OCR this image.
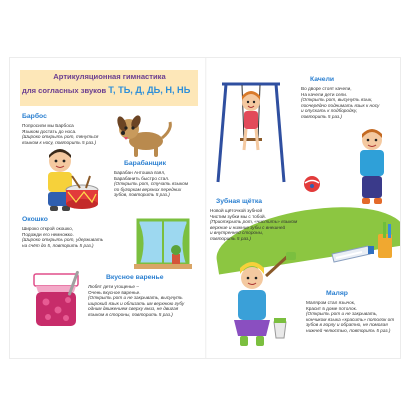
Артикуляционная гимнастика
для согласных звуков Т, ТЬ, Д, ДЬ, Н, НЬ
Барбос
Попросили мы Барбоса
Языком достать до носа.
(Широко открыть рот, тянуться
языком к носу, повторить 5 раз.)
Барабанщик
Барабан Антошка взял,
Барабанить быстро стал.
(Открыть рот, стучать языком
по бугоркам верхних передних
зубов, повторить 5 раз.)
Окошко
Широко открой окошко,
Подожди его немножко.
(Широко открыть рот, удерживать
на счёт до 5, повторить 5 раз.)
Вкусное варенье
Любят дети угощенье –
Очень вкусное варенье.
(Открыть рот и не закрывать, высунуть
широкий язык и облизать им верхнюю губу
одним движением сверху вниз, не двигая
языком в стороны, повторить 5 раз.)
Качели
Во дворе стоят качели,
На качели дети сели.
(Открыть рот, высунуть язык,
поочерёдно поднимать язык к носу
и опускать к подбородку,
повторить 5 раз.)
Зубная щётка
Новой щёточкой зубной
Чистим зубки мы с тобой.
(Приоткрыть рот, «чистить» языком
верхние и нижние зубы с внешней
и внутренней стороны,
повторить 5 раз.)
Маляр
Маляром стал язычок,
Красит в доме потолок.
(Открыть рот и не закрывать,
кончиком языка «красить» потолок от
зубов в горлу и обратно, не помогая
нижней челюстью, повторить 5 раз.)
